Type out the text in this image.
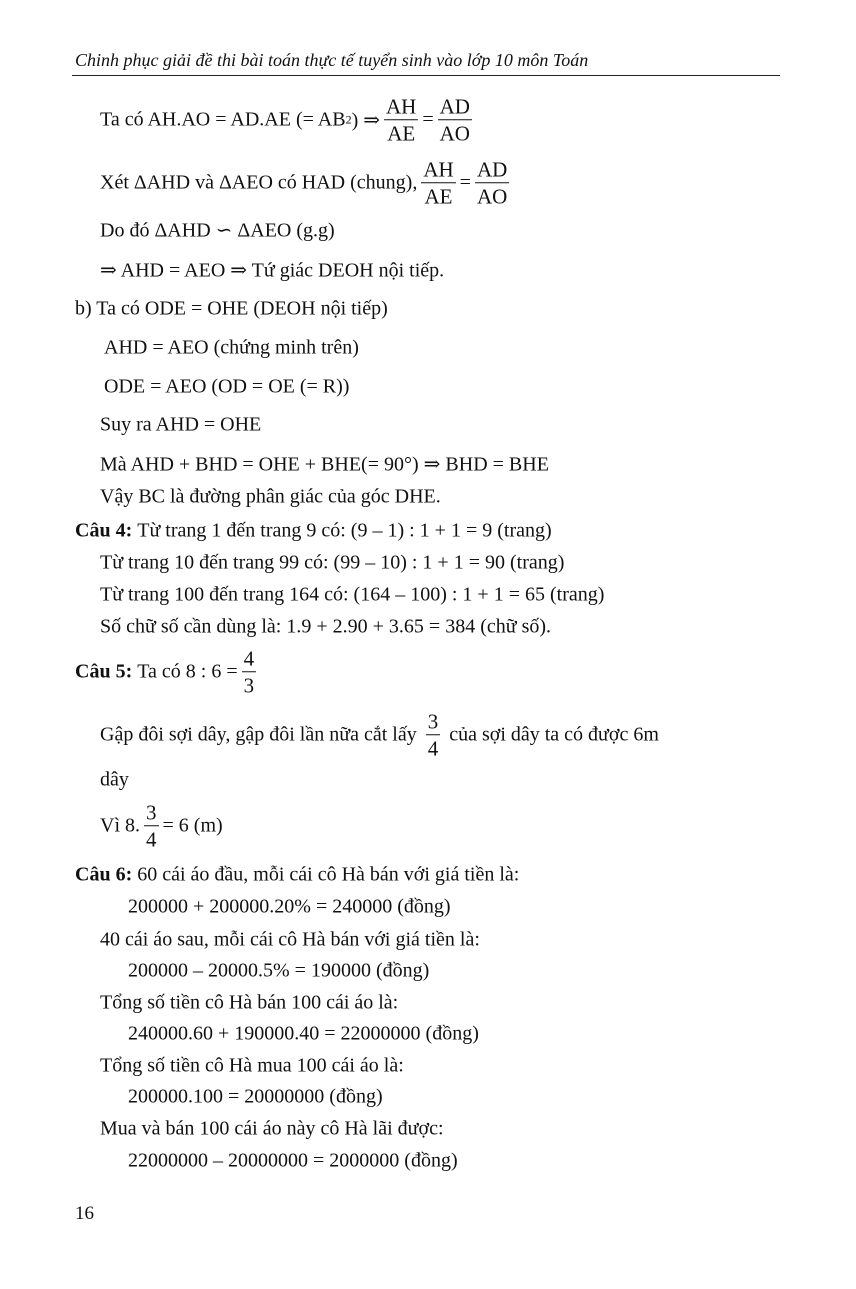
Chinh phục giải đề thi bài toán thực tế tuyển sinh vào lớp 10 môn Toán
Ta có AH.AO = AD.AE (= AB 2 ) ⇒ $\frac{AH}{AE} = \frac{AD}{AO}$
Xét ΔAHD và ΔAEO có HAD (chung), $\frac{AH}{AE} = \frac{AD}{AO}$
Do đó ΔAHD ∽ ΔAEO (g.g)
⇒ AHD = AEO ⇒ Tứ giác DEOH nội tiếp.
b) Ta có ODE = OHE (DEOH nội tiếp)
AHD = AEO (chứng minh trên)
ODE = AEO (OD = OE (= R))
Suy ra AHD = OHE
Mà AHD + BHD = OHE + BHE(= 90°) ⇒ BHD = BHE
Vậy BC là đường phân giác của góc DHE.
Câu 4:
Từ trang 1 đến trang 9 có: (9 – 1) : 1 + 1 = 9 (trang)
Từ trang 10 đến trang 99 có: (99 – 10) : 1 + 1 = 90 (trang)
Từ trang 100 đến trang 164 có: (164 – 100) : 1 + 1 = 65 (trang)
Số chữ số cần dùng là: 1.9 + 2.90 + 3.65 = 384 (chữ số).
Câu 5:
Ta có 8 : $6 = \frac{4}{3}$
Gập đôi sợi dây, gập đôi lần nữa cắt lấy
$\frac{3}{4}$
của sợi dây ta có được 6m
dây
Vì 8. $\frac{3}{4} = 6$ (m)
Câu 6:
60 cái áo đầu, mỗi cái cô Hà bán với giá tiền là:
200000 + 200000.20% = 240000 (đồng)
40 cái áo sau, mỗi cái cô Hà bán với giá tiền là:
200000 – 20000.5% = 190000 (đồng)
Tổng số tiền cô Hà bán 100 cái áo là:
240000.60 + 190000.40 = 22000000 (đồng)
Tổng số tiền cô Hà mua 100 cái áo là:
200000.100 = 20000000 (đồng)
Mua và bán 100 cái áo này cô Hà lãi được:
22000000 – 20000000 = 2000000 (đồng)
16
